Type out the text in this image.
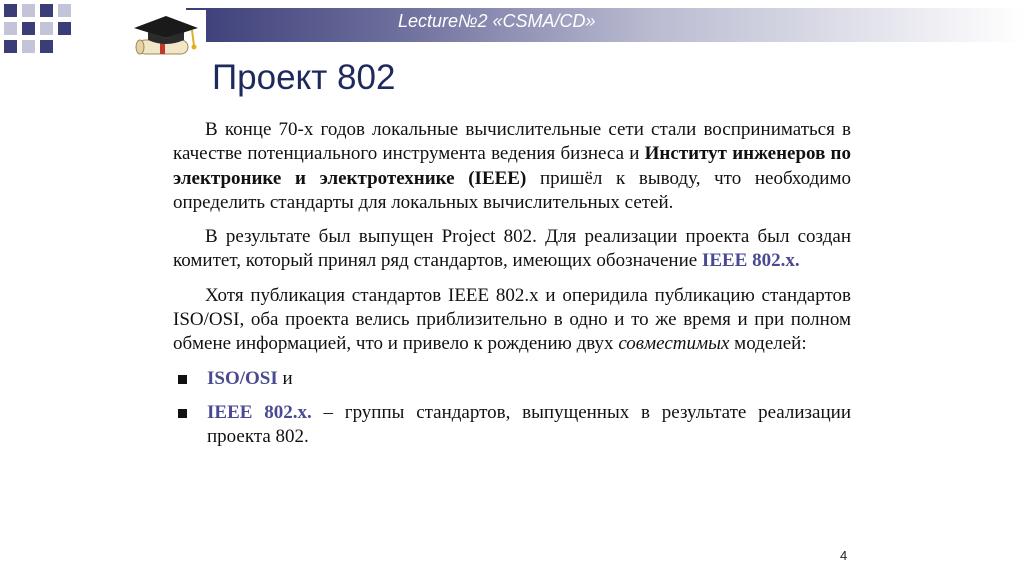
Lecture№2 «CSMA/CD»
Проект 802

В конце 70-х годов локальные вычислительные сети стали восприниматься в качестве потенциального инструмента ведения бизнеса и Институт инженеров по электронике и электротехнике (IEEE) пришёл к выводу, что необходимо определить стандарты для локальных вычислительных сетей.

В результате был выпущен Project 802. Для реализации проекта был создан комитет, который принял ряд стандартов, имеющих обозначение IEEE 802.x.

Хотя публикация стандартов IEEE 802.x и оперидила публикацию стандартов ISO/OSI, оба проекта велись приблизительно в одно и то же время и при полном обмене информацией, что и привело к рождению двух совместимых моделей:

ISO/OSI и
IEEE 802.x. – группы стандартов, выпущенных в результате реализации проекта 802.
4
